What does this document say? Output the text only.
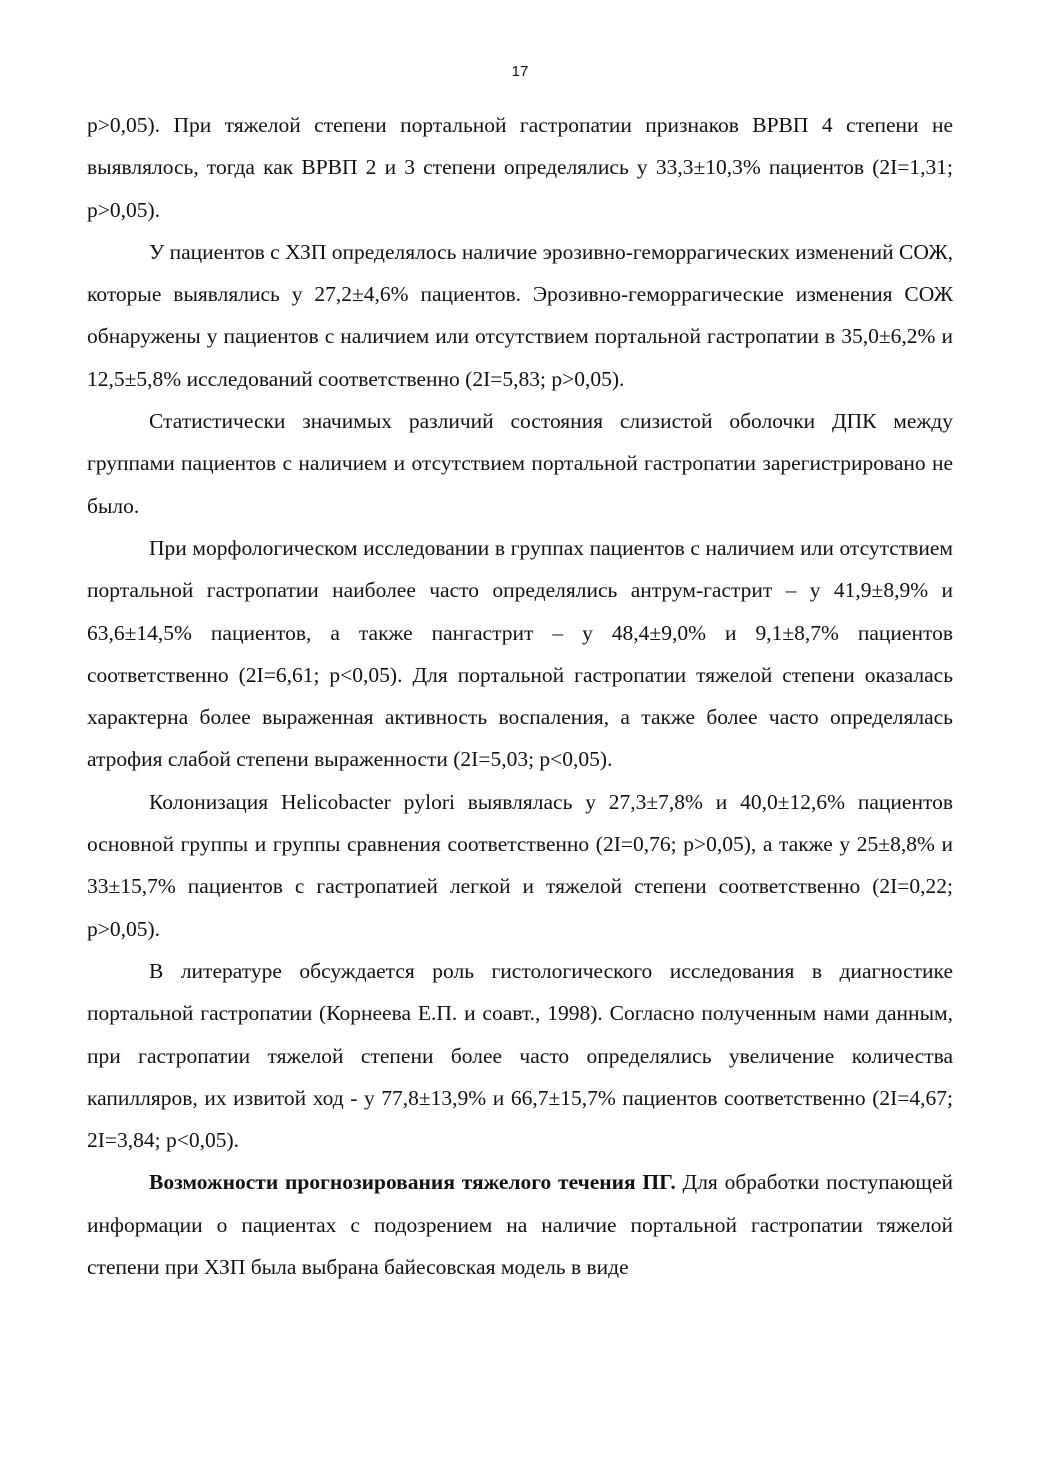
17

р>0,05). При тяжелой степени портальной гастропатии признаков ВРВП 4 степени не выявлялось, тогда как ВРВП 2 и 3 степени определялись у 33,3±10,3% пациентов (2I=1,31; р>0,05).

У пациентов с ХЗП определялось наличие эрозивно-геморрагических изменений СОЖ, которые выявлялись у 27,2±4,6% пациентов. Эрозивно-геморрагические изменения СОЖ обнаружены у пациентов с наличием или отсутствием портальной гастропатии в 35,0±6,2% и 12,5±5,8% исследований соответственно (2I=5,83; р>0,05).

Статистически значимых различий состояния слизистой оболочки ДПК между группами пациентов с наличием и отсутствием портальной гастропатии зарегистрировано не было.

При морфологическом исследовании в группах пациентов с наличием или отсутствием портальной гастропатии наиболее часто определялись антрум-гастрит – у 41,9±8,9% и 63,6±14,5% пациентов, а также пангастрит – у 48,4±9,0% и 9,1±8,7% пациентов соответственно (2I=6,61; р<0,05). Для портальной гастропатии тяжелой степени оказалась характерна более выраженная активность воспаления, а также более часто определялась атрофия слабой степени выраженности (2I=5,03; р<0,05).

Колонизация Helicobacter pylori выявлялась у 27,3±7,8% и 40,0±12,6% пациентов основной группы и группы сравнения соответственно (2I=0,76; р>0,05), а также у 25±8,8% и 33±15,7% пациентов с гастропатией легкой и тяжелой степени соответственно (2I=0,22; р>0,05).

В литературе обсуждается роль гистологического исследования в диагностике портальной гастропатии (Корнеева Е.П. и соавт., 1998). Согласно полученным нами данным, при гастропатии тяжелой степени более часто определялись увеличение количества капилляров, их извитой ход - у 77,8±13,9% и 66,7±15,7% пациентов соответственно (2I=4,67; 2I=3,84; р<0,05).

Возможности прогнозирования тяжелого течения ПГ. Для обработки поступающей информации о пациентах с подозрением на наличие портальной гастропатии тяжелой степени при ХЗП была выбрана байесовская модель в виде
